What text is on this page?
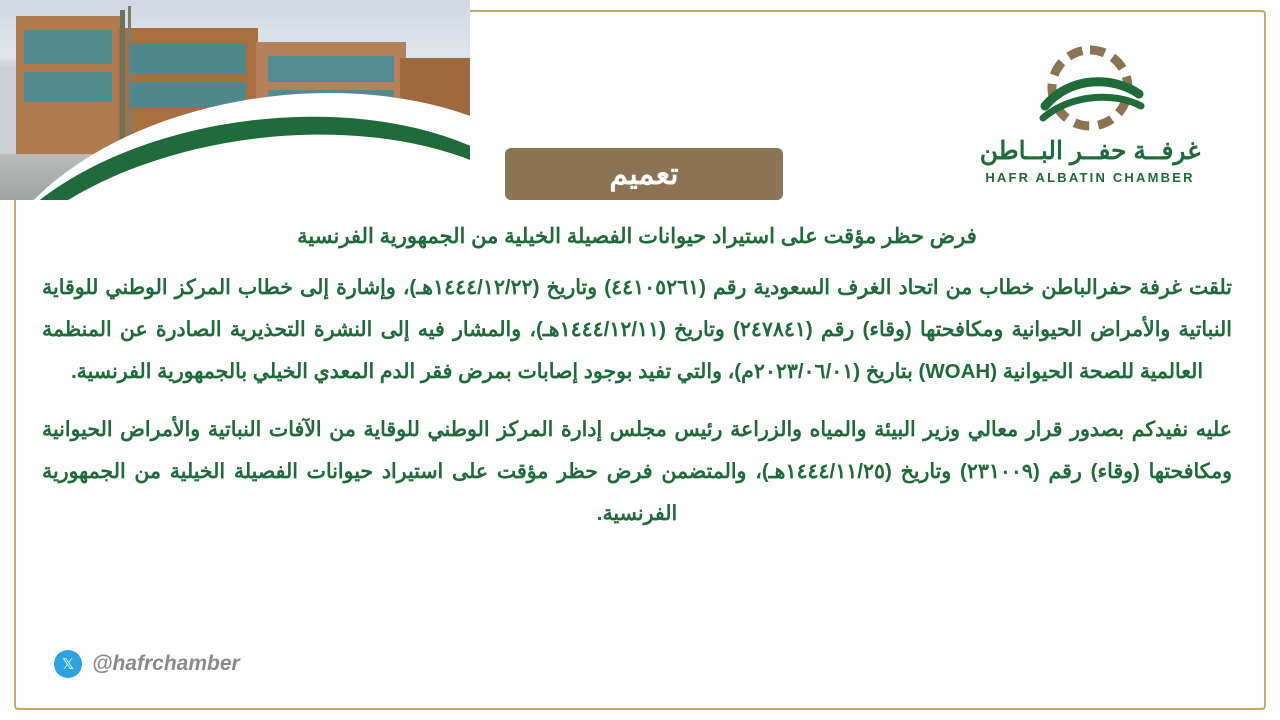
غرفــة حفــر البــاطن
HAFR ALBATIN CHAMBER
تعميم
فرض حظر مؤقت على استيراد حيوانات الفصيلة الخيلية من الجمهورية الفرنسية

تلقت غرفة حفرالباطن خطاب من اتحاد الغرف السعودية رقم (٤٤١٠٥٢٦١) وتاريخ (١٤٤٤/١٢/٢٢هـ)، وإشارة إلى خطاب المركز الوطني للوقاية النباتية والأمراض الحيوانية ومكافحتها (وقاء) رقم (٢٤٧٨٤١) وتاريخ (١٤٤٤/١٢/١١هـ)، والمشار فيه إلى النشرة التحذيرية الصادرة عن المنظمة العالمية للصحة الحيوانية (WOAH) بتاريخ (٢٠٢٣/٠٦/٠١م)، والتي تفيد بوجود إصابات بمرض فقر الدم المعدي الخيلي بالجمهورية الفرنسية.

عليه نفيدكم بصدور قرار معالي وزير البيئة والمياه والزراعة رئيس مجلس إدارة المركز الوطني للوقاية من الآفات النباتية والأمراض الحيوانية ومكافحتها (وقاء) رقم (٢٣١٠٠٩) وتاريخ (١٤٤٤/١١/٢٥هـ)، والمتضمن فرض حظر مؤقت على استيراد حيوانات الفصيلة الخيلية من الجمهورية الفرنسية.

𝕏 @hafrchamber
